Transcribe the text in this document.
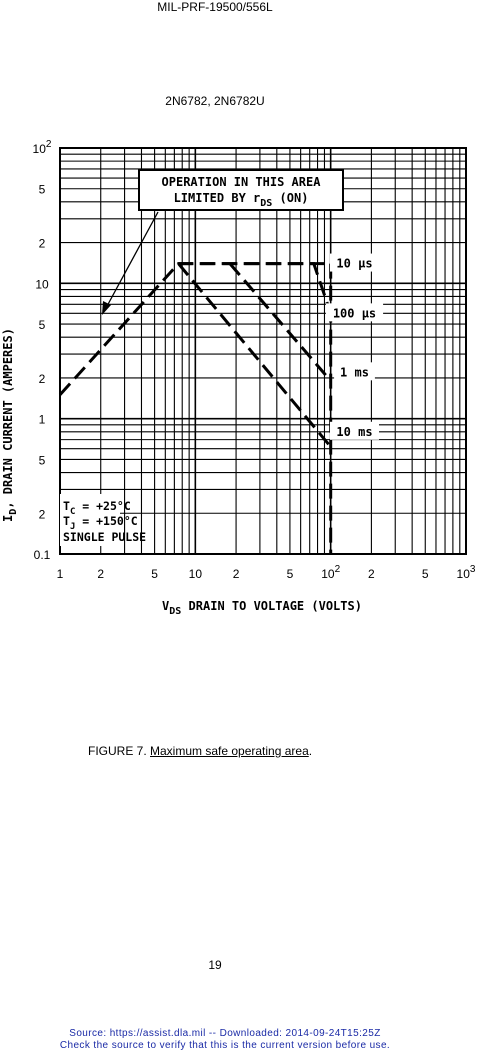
MIL-PRF-19500/556L
2N6782, 2N6782U
1	2	5	10	2	5 $10^2$ 2	5 $10^3$
$10^2$
5
2
10
5
2
1
5
2
0.1
OPERATION IN THIS AREA
LIMITED BY $r_{DS}$ (ON)
$T_C = +25^\circ C$
$T_J = +150^\circ C$
SINGLE PULSE
10 μs
100 μs
1 ms
10 ms
$V_{DS}$ DRAIN TO VOLTAGE (VOLTS)
$I_D$, DRAIN CURRENT (AMPERES)
FIGURE 7. Maximum safe operating area.
19
Source: https://assist.dla.mil -- Downloaded: 2014-09-24T15:25Z
Check the source to verify that this is the current version before use.
